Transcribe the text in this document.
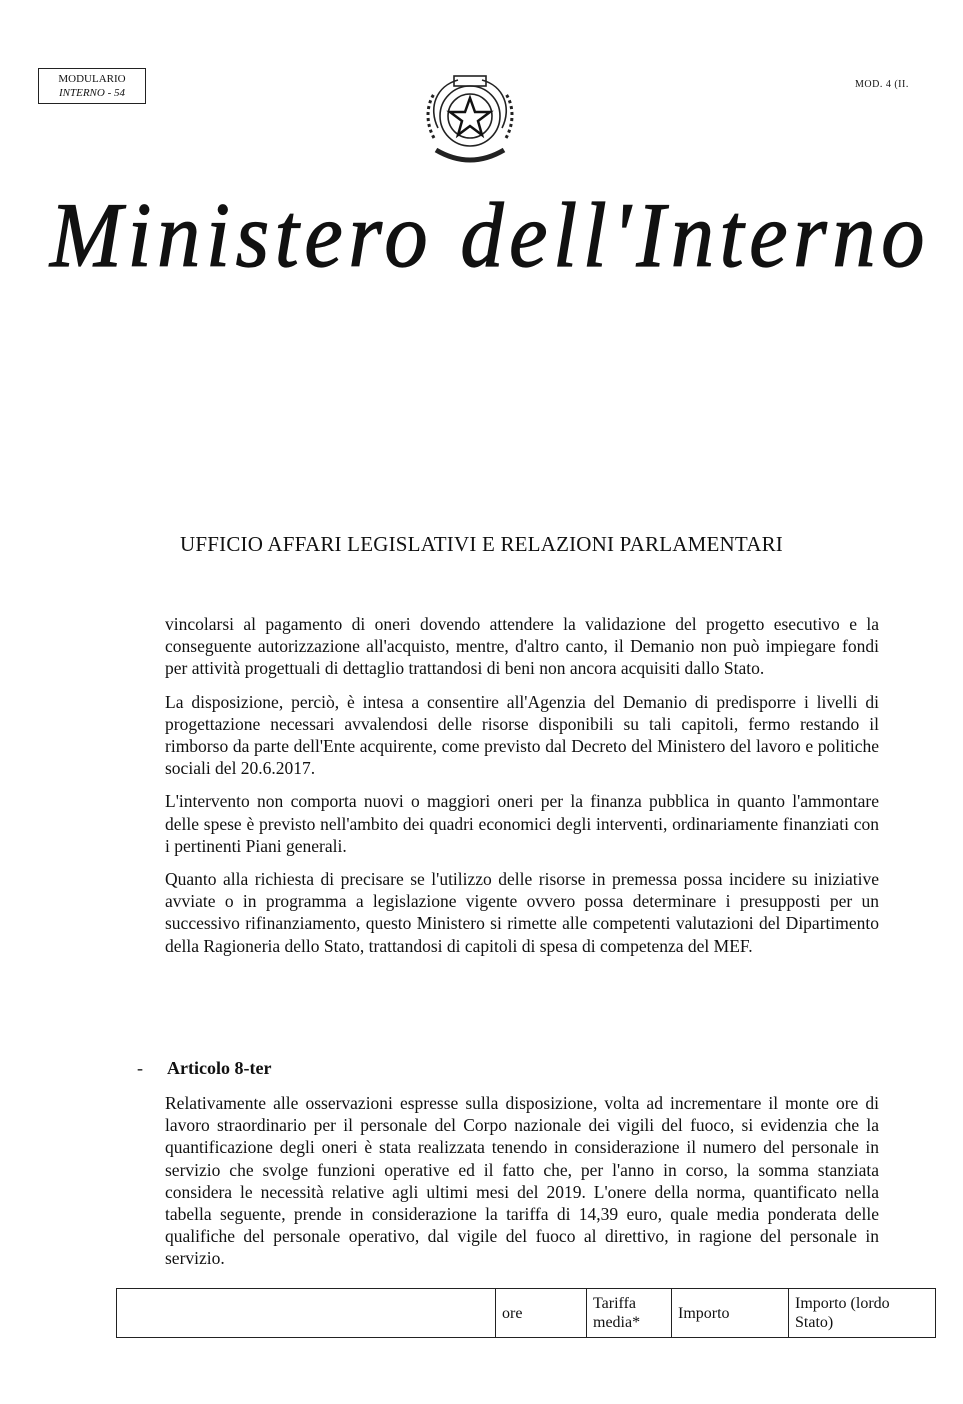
MODULARIO
INTERNO - 54
MOD. 4 (II.
Ministero dell'Interno
UFFICIO AFFARI LEGISLATIVI E RELAZIONI PARLAMENTARI

vincolarsi al pagamento di oneri dovendo attendere la validazione del progetto esecutivo e la conseguente autorizzazione all'acquisto, mentre, d'altro canto, il Demanio non può impiegare fondi per attività progettuali di dettaglio trattandosi di beni non ancora acquisiti dallo Stato.

La disposizione, perciò, è intesa a consentire all'Agenzia del Demanio di predisporre i livelli di progettazione necessari avvalendosi delle risorse disponibili su tali capitoli, fermo restando il rimborso da parte dell'Ente acquirente, come previsto dal Decreto del Ministero del lavoro e politiche sociali del 20.6.2017.

L'intervento non comporta nuovi o maggiori oneri per la finanza pubblica in quanto l'ammontare delle spese è previsto nell'ambito dei quadri economici degli interventi, ordinariamente finanziati con i pertinenti Piani generali.

Quanto alla richiesta di precisare se l'utilizzo delle risorse in premessa possa incidere su iniziative avviate o in programma a legislazione vigente ovvero possa determinare i presupposti per un successivo rifinanziamento, questo Ministero si rimette alle competenti valutazioni del Dipartimento della Ragioneria dello Stato, trattandosi di capitoli di spesa di competenza del MEF.

- Articolo 8-ter

Relativamente alle osservazioni espresse sulla disposizione, volta ad incrementare il monte ore di lavoro straordinario per il personale del Corpo nazionale dei vigili del fuoco, si evidenzia che la quantificazione degli oneri è stata realizzata tenendo in considerazione il numero del personale in servizio che svolge funzioni operative ed il fatto che, per l'anno in corso, la somma stanziata considera le necessità relative agli ultimi mesi del 2019. L'onere della norma, quantificato nella tabella seguente, prende in considerazione la tariffa di 14,39 euro, quale media ponderata delle qualifiche del personale operativo, dal vigile del fuoco al direttivo, in ragione del personale in servizio.

	ore	Tariffa media*	Importo	Importo (lordo Stato)
